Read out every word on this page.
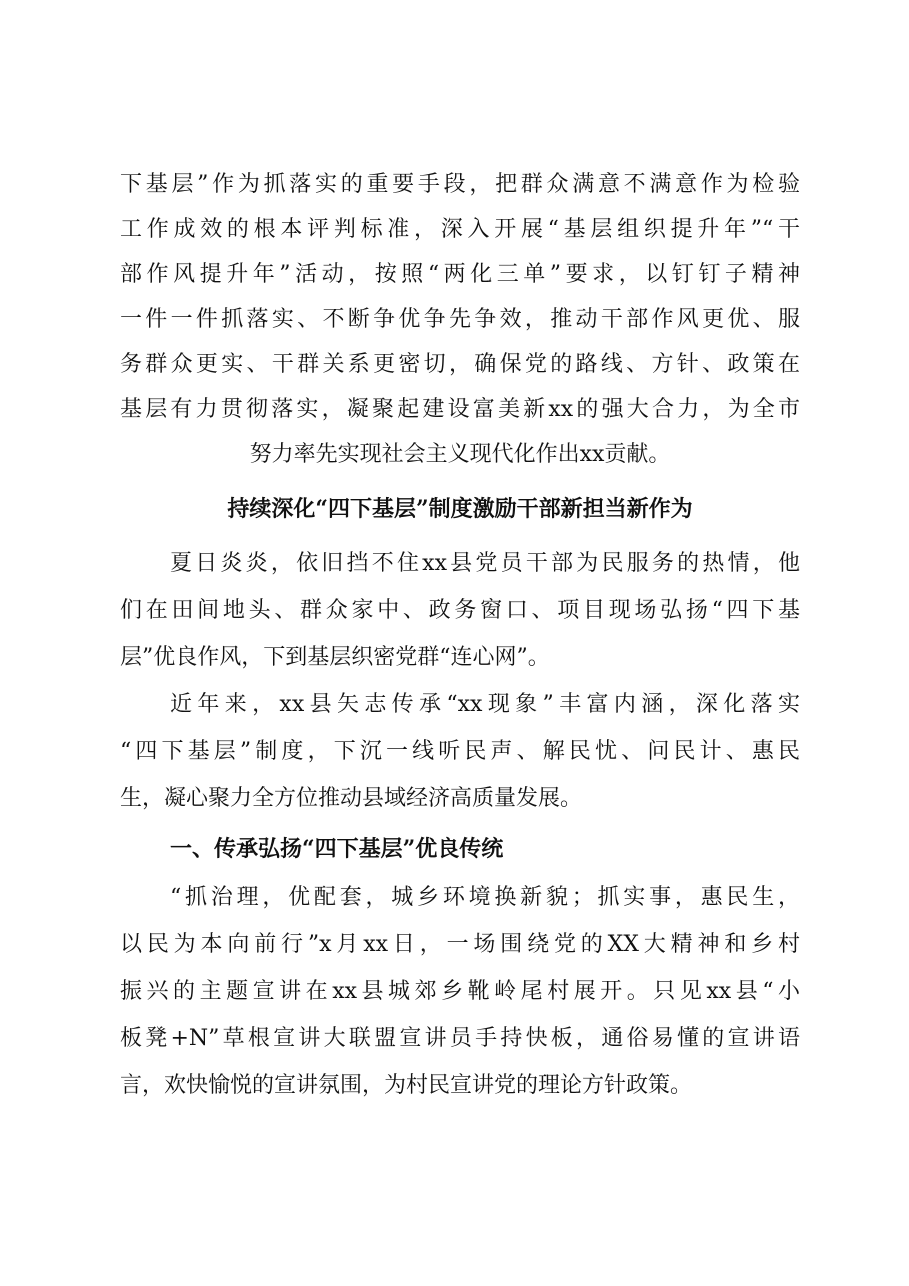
下基层”作为抓落实的重要手段，把群众满意不满意作为检验
工作成效的根本评判标准，深入开展“基层组织提升年”“干
部作风提升年”活动，按照“两化三单”要求，以钉钉子精神
一件一件抓落实、不断争优争先争效，推动干部作风更优、服
务群众更实、干群关系更密切，确保党的路线、方针、政策在
基层有力贯彻落实，凝聚起建设富美新xx的强大合力，为全市
努力率先实现社会主义现代化作出xx贡献。
持续深化“四下基层”制度激励干部新担当新作为
夏日炎炎，依旧挡不住xx县党员干部为民服务的热情，他
们在田间地头、群众家中、政务窗口、项目现场弘扬“四下基
层”优良作风，下到基层织密党群“连心网”。
近年来，xx县矢志传承“xx现象”丰富内涵，深化落实
“四下基层”制度，下沉一线听民声、解民忧、问民计、惠民
生，凝心聚力全方位推动县域经济高质量发展。
一、传承弘扬“四下基层”优良传统
“抓治理，优配套，城乡环境换新貌；抓实事，惠民生，
以民为本向前行”x月xx日，一场围绕党的XX大精神和乡村
振兴的主题宣讲在xx县城郊乡靴岭尾村展开。只见xx县“小
板凳+N”草根宣讲大联盟宣讲员手持快板，通俗易懂的宣讲语
言，欢快愉悦的宣讲氛围，为村民宣讲党的理论方针政策。
